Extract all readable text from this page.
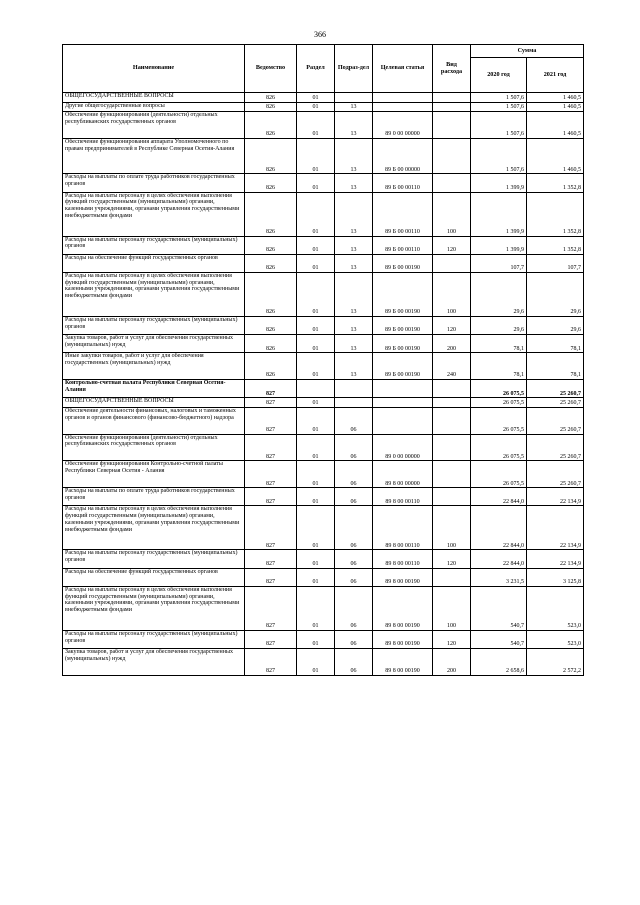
366
Наименование	Ведомство	Раздел	Подраз-дел	Целевая статья	Вид расхода	Сумма	
						2020 год	2021 год
ОБЩЕГОСУДАРСТВЕННЫЕ ВОПРОСЫ	826	01				1 507,6	1 460,5
Другие общегосударственные вопросы	826	01	13			1 507,6	1 460,5
Обеспечение функционирования (деятельности) отдельных республиканских государственных органов	826	01	13	89 0 00 00000		1 507,6	1 460,5
Обеспечение функционирования аппарата Уполномоченного по правам предпринимателей в Республике Северная Осетия-Алания	826	01	13	89 Б 00 00000		1 507,6	1 460,5
Расходы на выплаты по оплате труда работников государственных органов	826	01	13	89 Б 00 00110		1 399,9	1 352,8
Расходы на выплаты персоналу в целях обеспечения выполнения функций государственными (муниципальными) органами, казенными учреждениями, органами управления государственными внебюджетными фондами	826	01	13	89 Б 00 00110	100	1 399,9	1 352,8
Расходы на выплаты персоналу государственных (муниципальных) органов	826	01	13	89 Б 00 00110	120	1 399,9	1 352,8
Расходы на обеспечение функций государственных органов	826	01	13	89 Б 00 00190		107,7	107,7
Расходы на выплаты персоналу в целях обеспечения выполнения функций государственными (муниципальными) органами, казенными учреждениями, органами управления государственными внебюджетными фондами	826	01	13	89 Б 00 00190	100	29,6	29,6
Расходы на выплаты персоналу государственных (муниципальных) органов	826	01	13	89 Б 00 00190	120	29,6	29,6
Закупка товаров, работ и услуг для обеспечения государственных (муниципальных) нужд	826	01	13	89 Б 00 00190	200	78,1	78,1
Иные закупки товаров, работ и услуг для обеспечения государственных (муниципальных) нужд	826	01	13	89 Б 00 00190	240	78,1	78,1
Контрольно-счетная палата Республики Северная Осетия-Алания	827					26 075,5	25 260,7
ОБЩЕГОСУДАРСТВЕННЫЕ ВОПРОСЫ	827	01				26 075,5	25 260,7
Обеспечение деятельности финансовых, налоговых и таможенных органов и органов финансового (финансово-бюджетного) надзора	827	01	06			26 075,5	25 260,7
Обеспечение функционирования (деятельности) отдельных республиканских государственных органов	827	01	06	89 0 00 00000		26 075,5	25 260,7
Обеспечение функционирования Контрольно-счетной палаты Республики Северная Осетия - Алания	827	01	06	89 8 00 00000		26 075,5	25 260,7
Расходы на выплаты по оплате труда работников государственных органов	827	01	06	89 8 00 00110		22 844,0	22 134,9
Расходы на выплаты персоналу в целях обеспечения выполнения функций государственными (муниципальными) органами, казенными учреждениями, органами управления государственными внебюджетными фондами	827	01	06	89 8 00 00110	100	22 844,0	22 134,9
Расходы на выплаты персоналу государственных (муниципальных) органов	827	01	06	89 8 00 00110	120	22 844,0	22 134,9
Расходы на обеспечение функций государственных органов	827	01	06	89 8 00 00190		3 231,5	3 125,8
Расходы на выплаты персоналу в целях обеспечения выполнения функций государственными (муниципальными) органами, казенными учреждениями, органами управления государственными внебюджетными фондами	827	01	06	89 8 00 00190	100	540,7	523,0
Расходы на выплаты персоналу государственных (муниципальных) органов	827	01	06	89 8 00 00190	120	540,7	523,0
Закупка товаров, работ и услуг для обеспечения государственных (муниципальных) нужд	827	01	06	89 8 00 00190	200	2 658,6	2 572,2
